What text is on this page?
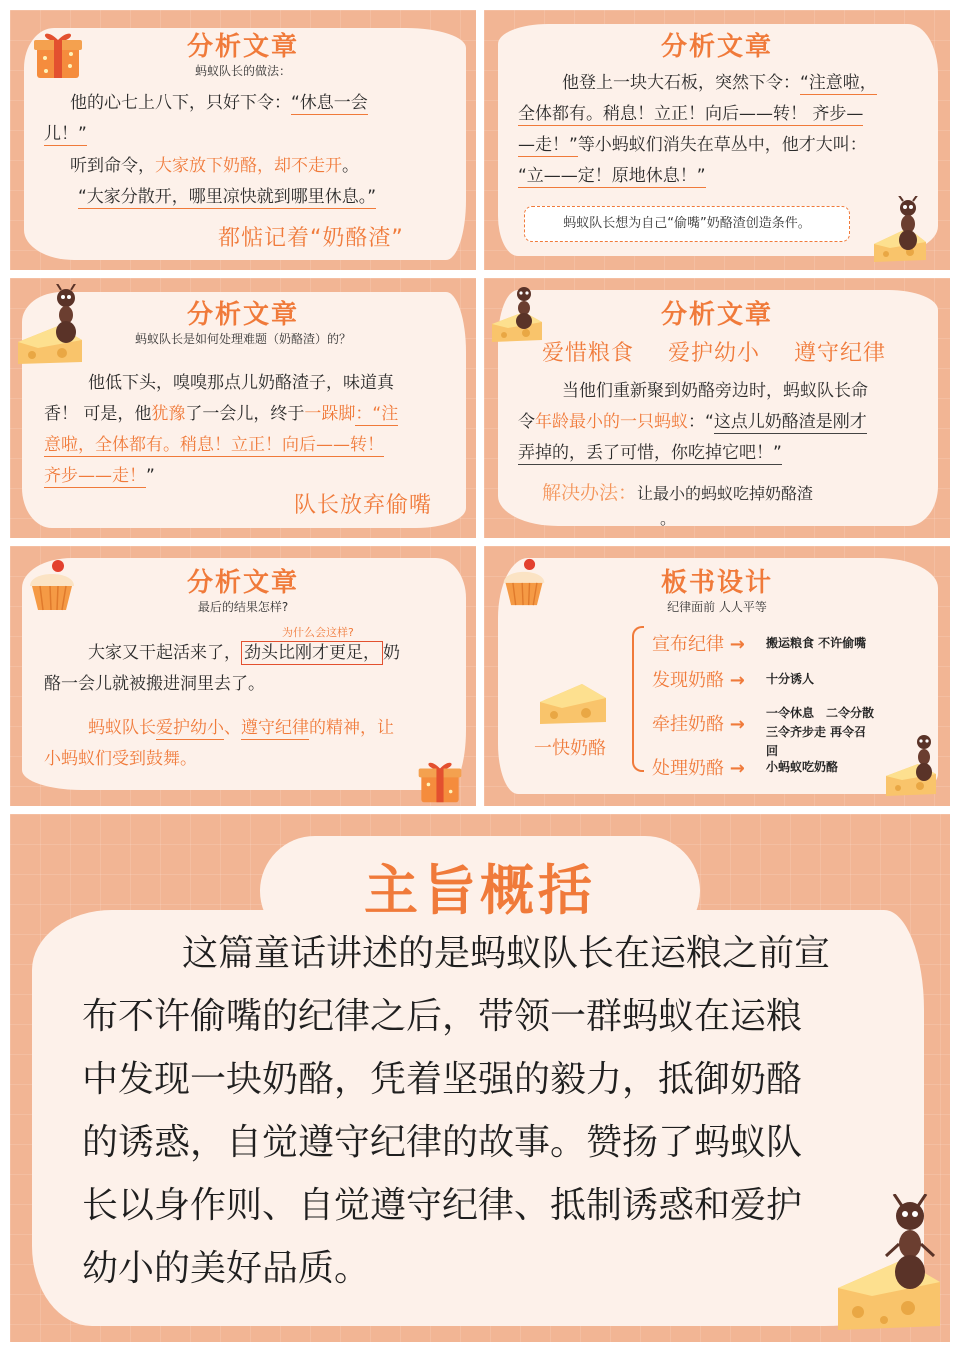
分析文章
蚂蚁队长的做法：
他的心七上八下，只好下令：“休息一会
儿！”
听到命令，大家放下奶酪，却不走开。
“大家分散开，哪里凉快就到哪里休息。”
都惦记着“奶酪渣”
分析文章
他登上一块大石板，突然下令：“注意啦，
全体都有。稍息！立正！向后——转！ 齐步—
—走！”等小蚂蚁们消失在草丛中，他才大叫：
“立——定！原地休息！”
蚂蚁队长想为自己“偷嘴”奶酪渣创造条件。
分析文章
蚂蚁队长是如何处理难题（奶酪渣）的？
他低下头，嗅嗅那点儿奶酪渣子，味道真
香！ 可是，他犹豫了一会儿，终于一跺脚：“注
意啦，全体都有。稍息！立正！向后——转！
齐步——走！”
队长放弃偷嘴
分析文章
爱惜粮食 爱护幼小 遵守纪律
当他们重新聚到奶酪旁边时，蚂蚁队长命
令年龄最小的一只蚂蚁：“这点儿奶酪渣是刚才
弄掉的，丢了可惜，你吃掉它吧！”
解决办法：让最小的蚂蚁吃掉奶酪渣
。
分析文章
最后的结果怎样?
为什么会这样?
大家又干起活来了， 劲头比刚才更足， 奶
酪一会儿就被搬进洞里去了。
蚂蚁队长爱护幼小、遵守纪律的精神，让
小蚂蚁们受到鼓舞。
板书设计
纪律面前 人人平等
一快奶酪
宣布纪律 → 搬运粮食 不许偷嘴
发现奶酪 → 十分诱人
牵挂奶酪 →
一令休息　二令分散
三令齐步走 再令召
回
处理奶酪 → 小蚂蚁吃奶酪
主旨概括
这篇童话讲述的是蚂蚁队长在运粮之前宣
布不许偷嘴的纪律之后，带领一群蚂蚁在运粮
中发现一块奶酪，凭着坚强的毅力，抵御奶酪
的诱惑，自觉遵守纪律的故事。赞扬了蚂蚁队
长以身作则、自觉遵守纪律、抵制诱惑和爱护
幼小的美好品质。
